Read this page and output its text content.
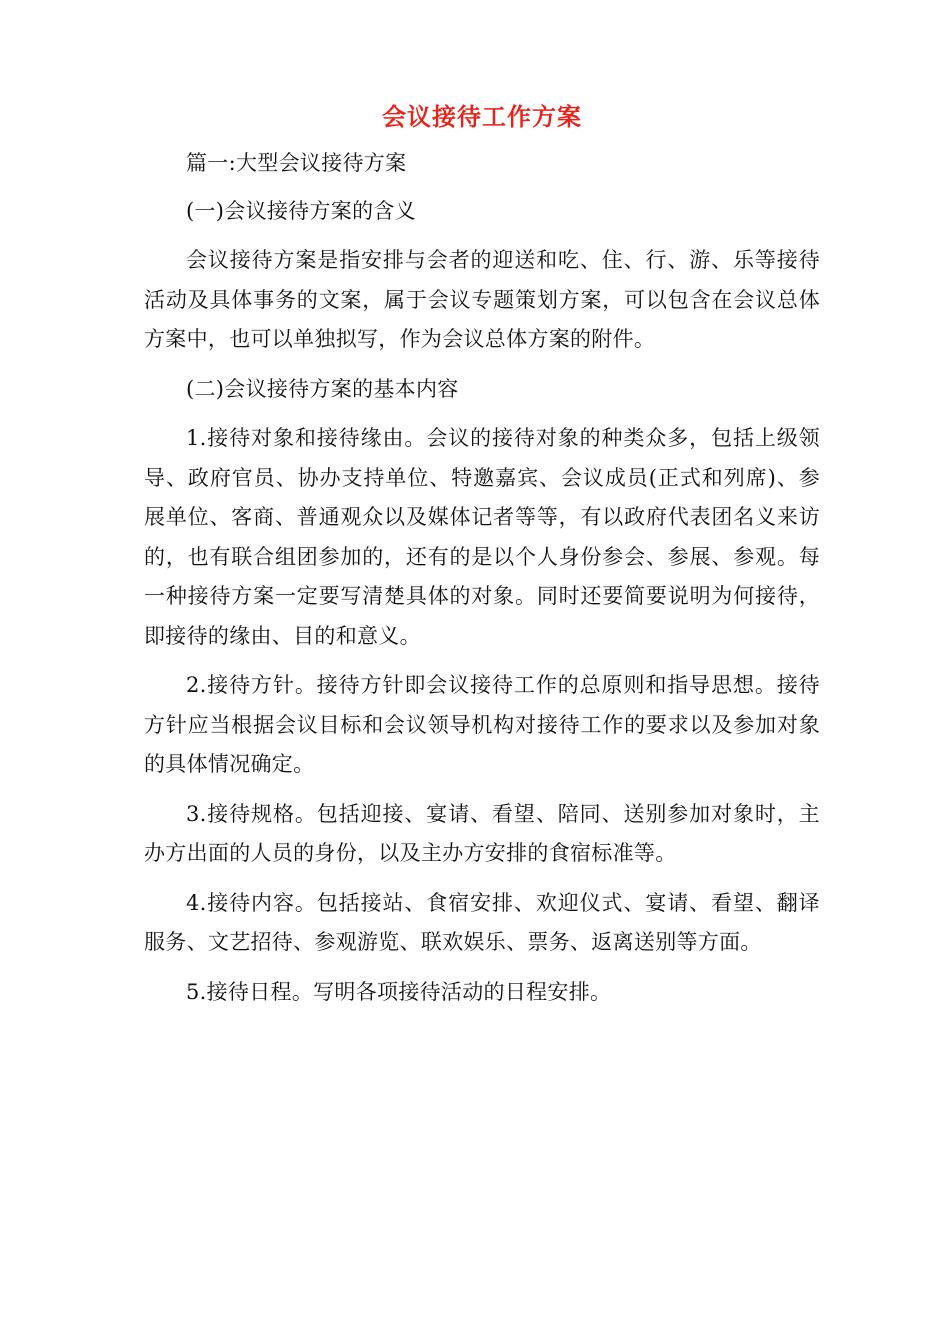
会议接待工作方案

篇一:大型会议接待方案

(一)会议接待方案的含义

会议接待方案是指安排与会者的迎送和吃、住、行、游、乐等接待活动及具体事务的文案，属于会议专题策划方案，可以包含在会议总体方案中，也可以单独拟写，作为会议总体方案的附件。

(二)会议接待方案的基本内容

1.接待对象和接待缘由。会议的接待对象的种类众多，包括上级领导、政府官员、协办支持单位、特邀嘉宾、会议成员(正式和列席)、参展单位、客商、普通观众以及媒体记者等等，有以政府代表团名义来访的，也有联合组团参加的，还有的是以个人身份参会、参展、参观。每一种接待方案一定要写清楚具体的对象。同时还要简要说明为何接待，即接待的缘由、目的和意义。

2.接待方针。接待方针即会议接待工作的总原则和指导思想。接待方针应当根据会议目标和会议领导机构对接待工作的要求以及参加对象的具体情况确定。

3.接待规格。包括迎接、宴请、看望、陪同、送别参加对象时，主办方出面的人员的身份，以及主办方安排的食宿标准等。

4.接待内容。包括接站、食宿安排、欢迎仪式、宴请、看望、翻译服务、文艺招待、参观游览、联欢娱乐、票务、返离送别等方面。

5.接待日程。写明各项接待活动的日程安排。
